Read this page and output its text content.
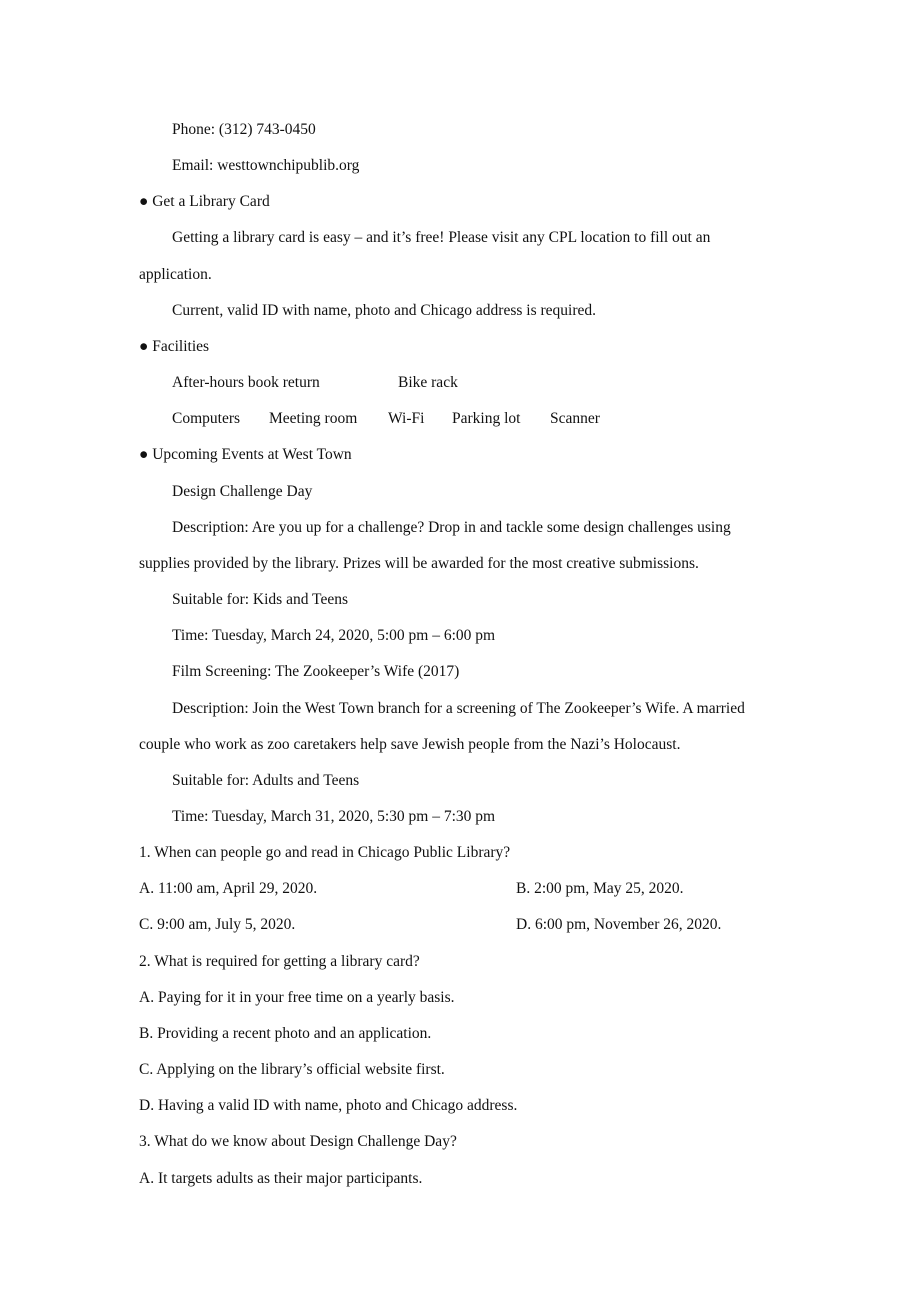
Phone: (312) 743-0450
Email: westtownchipublib.org
● Get a Library Card
Getting a library card is easy – and it’s free! Please visit any CPL location to fill out an
application.
Current, valid ID with name, photo and Chicago address is required.
● Facilities
After-hours book return	Bike rack
Computers Meeting room Wi-Fi Parking lot Scanner
● Upcoming Events at West Town
Design Challenge Day
Description: Are you up for a challenge? Drop in and tackle some design challenges using
supplies provided by the library. Prizes will be awarded for the most creative submissions.
Suitable for: Kids and Teens
Time: Tuesday, March 24, 2020, 5:00 pm – 6:00 pm
Film Screening: The Zookeeper’s Wife (2017)
Description: Join the West Town branch for a screening of The Zookeeper’s Wife. A married
couple who work as zoo caretakers help save Jewish people from the Nazi’s Holocaust.
Suitable for: Adults and Teens
Time: Tuesday, March 31, 2020, 5:30 pm – 7:30 pm
1. When can people go and read in Chicago Public Library?
A. 11:00 am, April 29, 2020.	B. 2:00 pm, May 25, 2020.
C. 9:00 am, July 5, 2020.	D. 6:00 pm, November 26, 2020.
2. What is required for getting a library card?
A. Paying for it in your free time on a yearly basis.
B. Providing a recent photo and an application.
C. Applying on the library’s official website first.
D. Having a valid ID with name, photo and Chicago address.
3. What do we know about Design Challenge Day?
A. It targets adults as their major participants.
